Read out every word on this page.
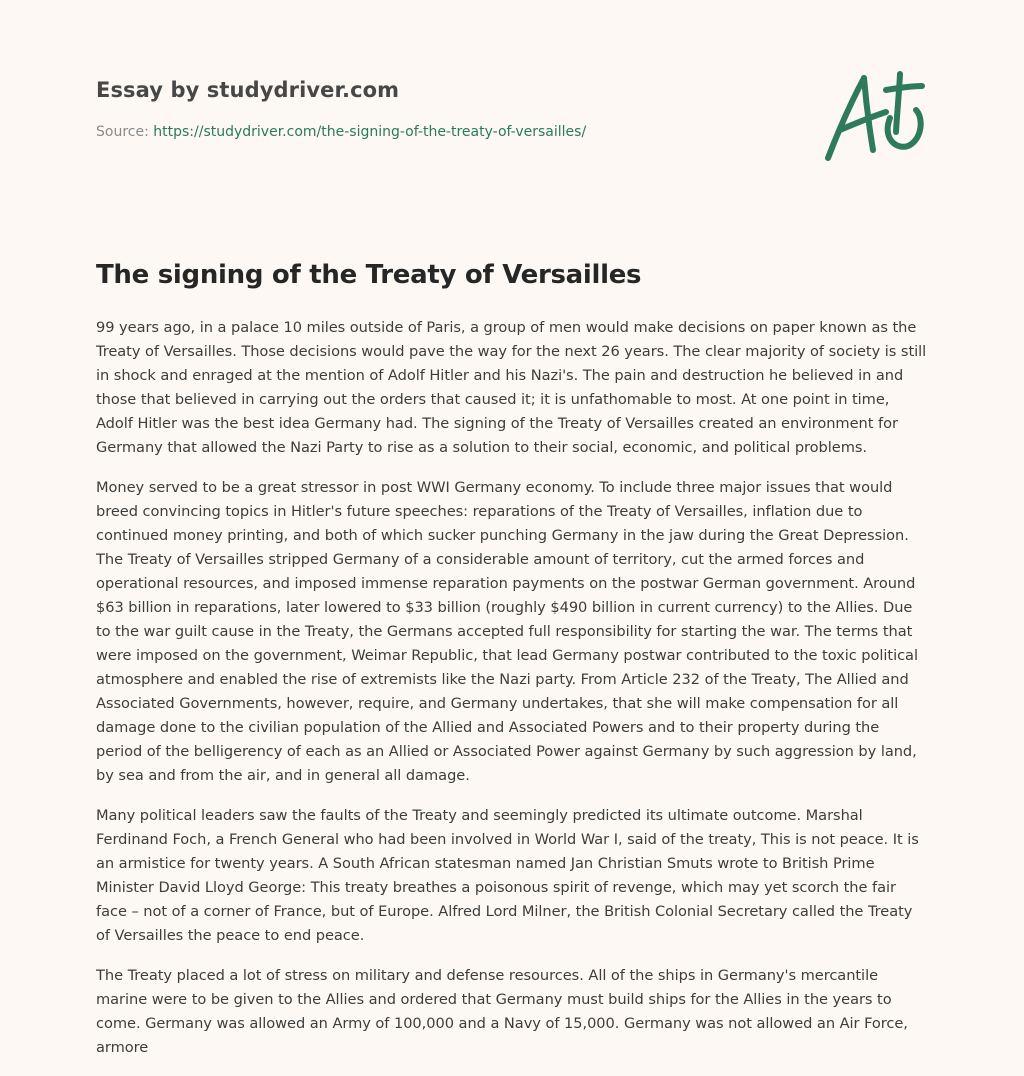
Essay by studydriver.com
Source: https://studydriver.com/the-signing-of-the-treaty-of-versailles/
The signing of the Treaty of Versailles

99 years ago, in a palace 10 miles outside of Paris, a group of men would make decisions on paper known as the Treaty of Versailles. Those decisions would pave the way for the next 26 years. The clear majority of society is still in shock and enraged at the mention of Adolf Hitler and his Nazi's. The pain and destruction he believed in and those that believed in carrying out the orders that caused it; it is unfathomable to most. At one point in time, Adolf Hitler was the best idea Germany had. The signing of the Treaty of Versailles created an environment for Germany that allowed the Nazi Party to rise as a solution to their social, economic, and political problems.

Money served to be a great stressor in post WWI Germany economy. To include three major issues that would breed convincing topics in Hitler's future speeches: reparations of the Treaty of Versailles, inflation due to continued money printing, and both of which sucker punching Germany in the jaw during the Great Depression. The Treaty of Versailles stripped Germany of a considerable amount of territory, cut the armed forces and operational resources, and imposed immense reparation payments on the postwar German government. Around $63 billion in reparations, later lowered to $33 billion (roughly $490 billion in current currency) to the Allies. Due to the war guilt cause in the Treaty, the Germans accepted full responsibility for starting the war. The terms that were imposed on the government, Weimar Republic, that lead Germany postwar contributed to the toxic political atmosphere and enabled the rise of extremists like the Nazi party. From Article 232 of the Treaty, The Allied and Associated Governments, however, require, and Germany undertakes, that she will make compensation for all damage done to the civilian population of the Allied and Associated Powers and to their property during the period of the belligerency of each as an Allied or Associated Power against Germany by such aggression by land, by sea and from the air, and in general all damage.

Many political leaders saw the faults of the Treaty and seemingly predicted its ultimate outcome. Marshal Ferdinand Foch, a French General who had been involved in World War I, said of the treaty, This is not peace. It is an armistice for twenty years. A South African statesman named Jan Christian Smuts wrote to British Prime Minister David Lloyd George: This treaty breathes a poisonous spirit of revenge, which may yet scorch the fair face – not of a corner of France, but of Europe. Alfred Lord Milner, the British Colonial Secretary called the Treaty of Versailles the peace to end peace.

The Treaty placed a lot of stress on military and defense resources. All of the ships in Germany's mercantile marine were to be given to the Allies and ordered that Germany must build ships for the Allies in the years to come. Germany was allowed an Army of 100,000 and a Navy of 15,000. Germany was not allowed an Air Force, armore
